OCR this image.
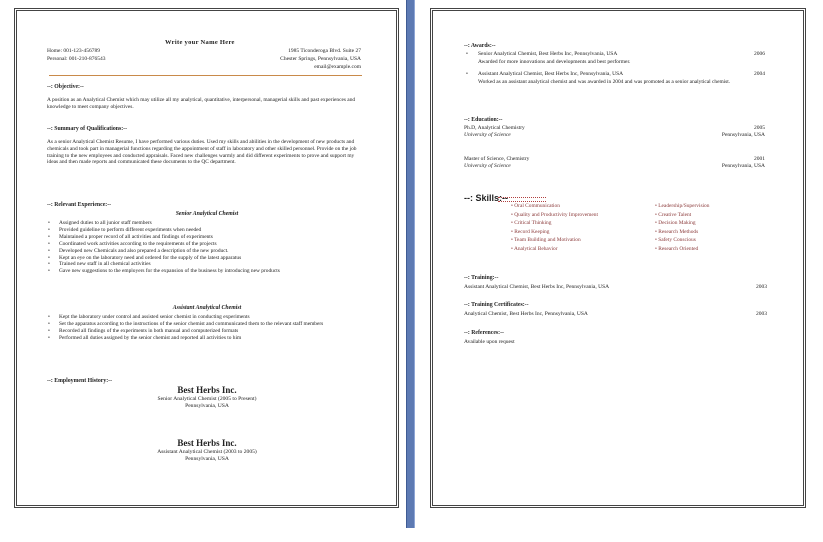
Write your Name Here
Home: 001-123-456789
Personal: 001-210-876543
1985 Ticonderoga Blvd. Suite 27
Chester Springs, Pennsylvania, USA
email@example.com
--: Objective:--
A position as an Analytical Chemist which may utilize all my analytical, quantitative, interpersonal, managerial skills and past experiences and knowledge to meet company objectives.
--: Summary of Qualifications:--
As a senior Analytical Chemist Resume, I have performed various duties. Used my skills and abilities in the development of new products and chemicals and took part in managerial functions regarding the appointment of staff in laboratory and other skilled personnel. Provide on the job training to the new employees and conducted appraisals. Faced new challenges warmly and did different experiments to prove and support my ideas and then made reports and communicated these documents to the QC department.
--: Relevant Experience:--
Senior Analytical Chemist
• Assigned duties to all junior staff members
• Provided guideline to perform different experiments when needed
• Maintained a proper record of all activities and findings of experiments
• Coordinated work activities according to the requirements of the projects
• Developed new Chemicals and also prepared a description of the new product.
• Kept an eye on the laboratory need and ordered for the supply of the latest apparatus
• Trained new staff in all chemical activities
• Gave new suggestions to the employers for the expansion of the business by introducing new products
Assistant Analytical Chemist
• Kept the laboratory under control and assisted senior chemist in conducting experiments
• Set the apparatus according to the instructions of the senior chemist and communicated them to the relevant staff members
• Recorded all findings of the experiments in both manual and computerized formats
• Performed all duties assigned by the senior chemist and reported all activities to him
--: Employment History:--
Best Herbs Inc.
Senior Analytical Chemist (2005 to Present)
Pennsylvania, USA
Best Herbs Inc.
Assistant Analytical Chemist (2003 to 2005)
Pennsylvania, USA
--: Awards:--
• Senior Analytical Chemist, Best Herbs Inc, Pennsylvania, USA	2006
Awarded for more innovations and developments and best performer.
• Assistant Analytical Chemist, Best Herbs Inc, Pennsylvania, USA	2004
Worked as an assistant analytical chemist and was awarded in 2004 and was promoted as a senior analytical chemist.
--: Education:--
Ph.D, Analytical Chemistry	2005
University of Science	Pennsylvania, USA
Master of Science, Chemistry	2001
University of Science	Pennsylvania, USA
--: Skills:--
• Oral Communication
• Quality and Productivity Improvement
• Critical Thinking
• Record Keeping
• Team Building and Motivation
• Analytical Behavior
• Leadership/Supervision
• Creative Talent
• Decision Making
• Research Methods
• Safety Conscious
• Research Oriented
--: Training:--
Assistant Analytical Chemist, Best Herbs Inc, Pennsylvania, USA	2003
--: Training Certificates:--
Analytical Chemist, Best Herbs Inc, Pennsylvania, USA	2003
--: References:--
Available upon request
